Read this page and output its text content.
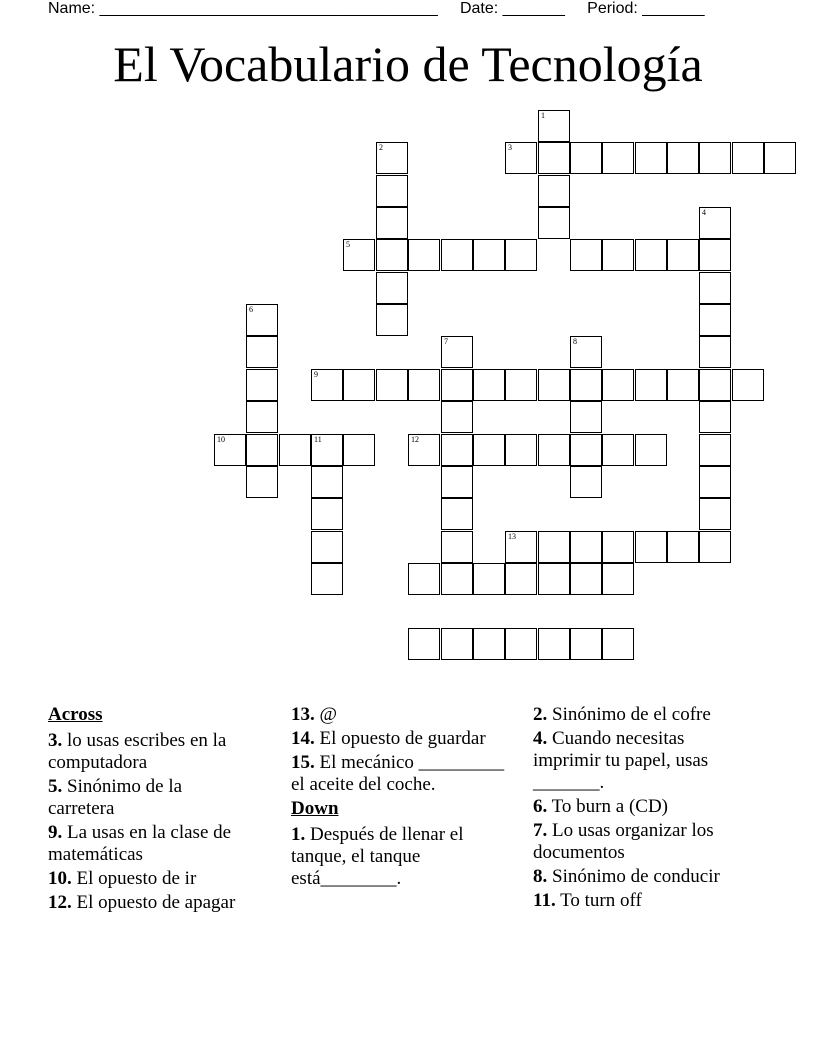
Name: ______________________________________     Date: _______     Period: _______
El Vocabulario de Tecnología
1
2	3
4
5
6
7	8
9
10	11	12
13
Across
3. lo usas escribes en la computadora
5. Sinónimo de la carretera
9. La usas en la clase de matemáticas
10. El opuesto de ir
12. El opuesto de apagar
13. @
14. El opuesto de guardar
15. El mecánico _________ el aceite del coche.
Down
1. Después de llenar el tanque, el tanque está________.
2. Sinónimo de el cofre
4. Cuando necesitas imprimir tu papel, usas _______.
6. To burn a (CD)
7. Lo usas organizar los documentos
8. Sinónimo de conducir
11. To turn off
